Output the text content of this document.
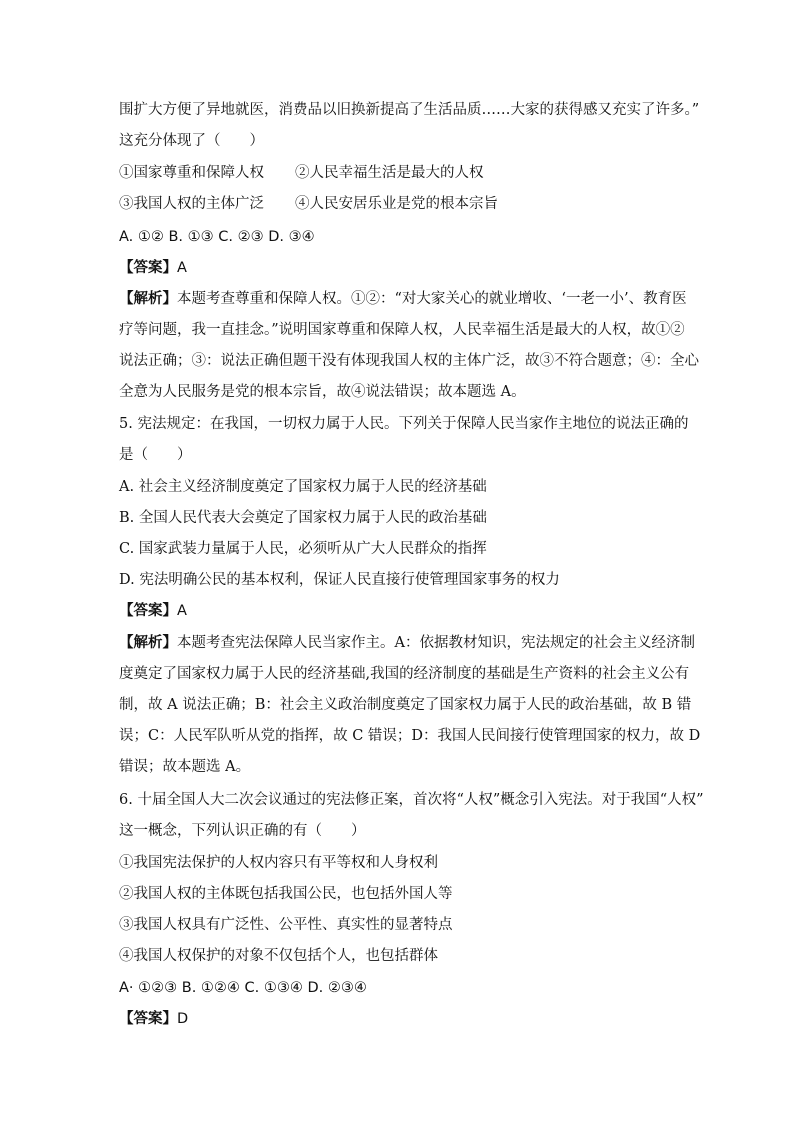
围扩大方便了异地就医，消费品以旧换新提高了生活品质……大家的获得感又充实了许多。”
这充分体现了（　　）
①国家尊重和保障人权 ②人民幸福生活是最大的人权
③我国人权的主体广泛 ④人民安居乐业是党的根本宗旨
A. ①② B. ①③ C. ②③ D. ③④
【答案】A
【解析】本题考查尊重和保障人权。①②：“对大家关心的就业增收、‘一老一小’、教育医
疗等问题，我一直挂念。”说明国家尊重和保障人权，人民幸福生活是最大的人权，故①②
说法正确；③：说法正确但题干没有体现我国人权的主体广泛，故③不符合题意；④：全心
全意为人民服务是党的根本宗旨，故④说法错误；故本题选 A。
5. 宪法规定：在我国，一切权力属于人民。下列关于保障人民当家作主地位的说法正确的
是（　　）
A. 社会主义经济制度奠定了国家权力属于人民的经济基础
B. 全国人民代表大会奠定了国家权力属于人民的政治基础
C. 国家武装力量属于人民，必须听从广大人民群众的指挥
D. 宪法明确公民的基本权利，保证人民直接行使管理国家事务的权力
【答案】A
【解析】本题考查宪法保障人民当家作主。A：依据教材知识，宪法规定的社会主义经济制
度奠定了国家权力属于人民的经济基础,我国的经济制度的基础是生产资料的社会主义公有
制，故 A 说法正确；B：社会主义政治制度奠定了国家权力属于人民的政治基础，故 B 错
误；C：人民军队听从党的指挥，故 C 错误；D：我国人民间接行使管理国家的权力，故 D
错误；故本题选 A。
6. 十届全国人大二次会议通过的宪法修正案，首次将“人权”概念引入宪法。对于我国“人权”
这一概念，下列认识正确的有（　　）
①我国宪法保护的人权内容只有平等权和人身权利
②我国人权的主体既包括我国公民，也包括外国人等
③我国人权具有广泛性、公平性、真实性的显著特点
④我国人权保护的对象不仅包括个人，也包括群体
A· ①②③ B. ①②④ C. ①③④ D. ②③④
【答案】D
